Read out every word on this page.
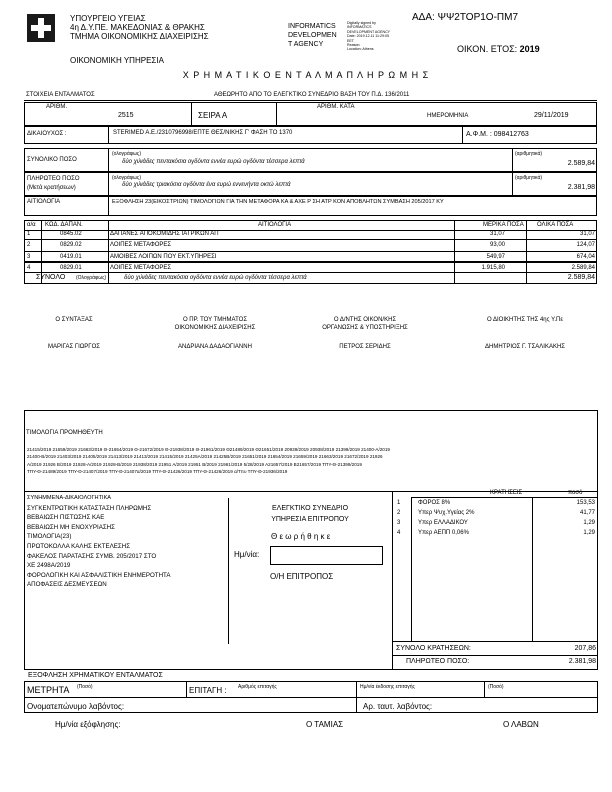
ΥΠΟΥΡΓΕΙΟ ΥΓΕΙΑΣ
4η Δ.Υ.ΠΕ. ΜΑΚΕΔΟΝΙΑΣ & ΘΡΑΚΗΣ
ΤΜΗΜΑ ΟΙΚΟΝΟΜΙΚΗΣ ΔΙΑΧΕΙΡΙΣΗΣ
ΟΙΚΟΝΟΜΙΚΗ ΥΠΗΡΕΣΙΑ
INFORMATICS
DEVELOPMEN
T AGENCY
Digitally signed by
INFORMATICS
DEVELOPMENT AGENCY
Date: 2019.12.11 11:29:05
EET
Reason:
Location: Athens
ΑΔΑ: ΨΨ2ΤΟΡ1Ο-ΠΜ7
ΟΙΚΟΝ. ΕΤΟΣ: 2019
Χ Ρ Η Μ Α Τ Ι Κ Ο Ε Ν Τ Α Λ Μ Α Π Λ Η Ρ Ω Μ Η Σ
ΣΤΟΙΧΕΙΑ ΕΝΤΑΛΜΑΤΟΣ	ΑΘΕΩΡΗΤΟ ΑΠΟ ΤΟ ΕΛΕΓΚΤΙΚΟ ΣΥΝΕΔΡΙΟ ΒΑΣΗ ΤΟΥ Π.Δ. 136/2011
ΑΡΙΘΜ.
2515	ΣΕΙΡΑ Α
ΑΡΙΘΜ. ΚΑΤΑ
ΗΜΕΡΟΜΗΝΙΑ	29/11/2019
ΔΙΚΑΙΟΥΧΟΣ :	STERIMED A.E./2310796998/ΕΠΤΕ ΘΕΣ/ΝΙΚΗΣ Γ' ΦΑΣΗ ΤΟ 1370	Α.Φ.Μ. : 098412763
ΣΥΝΟΛΙΚΟ ΠΟΣΟ
(ολογράφως)
δύο χιλιάδες πεντακόσια ογδόντα εννέα ευρώ ογδόντα τέσσερα λεπτά
(αριθμητικά)
2.589,84
ΠΛΗΡΩΤΕΟ ΠΟΣΟ
(Μετά κρατήσεων)
(ολογράφως)
δύο χιλιάδες τριακόσια ογδόντα ένα ευρώ εννενήντα οκτώ λεπτά
(αριθμητικά)
2.381,98
ΑΙΤΙΟΛΟΓΙΑ	ΕΞΟΦΛΗΣΗ 23(ΕΙΚΟΣΤΡΙΩΝ) ΤΙΜΟΛΟΓΙΩΝ ΓΙΑ ΤΗΝ ΜΕΤΑΦΟΡΑ ΚΑ & ΑΧΕ Ρ ΣΗ ΑΤΡ ΚΟΝ ΑΠΟΒΛΗΤΩΝ ΣΥΜΒΑΣΗ 205/2017 ΚΥ
α/α ΚΩΔ. ΔΑΠΑΝ.	ΑΙΤΙΟΛΟΓΙΑ	ΜΕΡΙΚΑ ΠΟΣΑ ΟΛΙΚΑ ΠΟΣΑ
1	0845.02	ΔΑΠΑΝΕΣ ΑΠΟΚΟΜΙΔΗΣ ΙΑΤΡΙΚΩΝ ΑΠ	31,07	31,07
2	0829.02	ΛΟΙΠΕΣ ΜΕΤΑΦΟΡΕΣ	93,00	124,07
3	0419.01	ΑΜΟΙΒΕΣ ΛΟΙΠΩΝ ΠΟΥ ΕΚΤ.ΥΠΗΡΕΣΙ	549,97	674,04
4	0829.01	ΛΟΙΠΕΣ ΜΕΤΑΦΟΡΕΣ	1.915,80	2.589,84
ΣΥΝΟΛΟ (Ολογράφως)	δύο χιλιάδες πεντακόσια ογδόντα εννέα ευρώ ογδόντα τέσσερα λεπτά	2.589,84
Ο ΣΥΝΤΑΞΑΣ	Ο ΠΡ. ΤΟΥ ΤΜΗΜΑΤΟΣ
ΟΙΚΟΝΟΜΙΚΗΣ ΔΙΑΧΕΙΡΙΣΗΣ
Ο Δ/ΝΤΗΣ ΟΙΚΟΝ/ΚΗΣ
ΟΡΓΑΝΩΣΗΣ & ΥΠΟΣΤΗΡΙΞΗΣ
Ο ΔΙΟΙΚΗΤΗΣ ΤΗΣ 4ης Υ.Πε
ΜΑΡΙΓΑΣ ΓΙΩΡΓΟΣ	ΑΝΔΡΙΑΝΑ ΔΑΔΑΟΓΙΑΝΝΗ	ΠΕΤΡΟΣ ΣΕΡΙΔΗΣ	ΔΗΜΗΤΡΙΟΣ Γ. ΤΣΑΛΙΚΑΚΗΣ
ΤΙΜΟΛΟΓΙΑ ΠΡΟΜΗΘΕΥΤΗ
21415/2019 21659/2019 21663/2019 Θ-21654/2019 Θ-21672/2019 Θ-21938/2019 Θ-21961/2019 Θ21489/2019 Θ21651/2019 20939/2019 20938/2019 21399/2019 21400-Α/2019
21400-Β/2019 21403/2019 21405/2019 21413/2019 21413/2019 21415/2019 21425Α/2019 21425Β/2019 21651/2019 21654/2019 21659/2019 21663/2019 21672/2019 21926
Α/2019 21926 Β/2019 21928-Α/2019 21928-Β/2019 21938/2019 21951 Α/2019 21951 Β/2019 21961/2019 5/28/2019 Α21657/2019 Β21657/2019 ΤΠΥ-Θ-21399/2019
ΤΠΥ-Θ-21489/2019 ΤΠΥ-Θ-21407/2019 ΤΠΥ-Θ-21407α/2019 ΤΠΥ-Θ-21426/2019 ΤΠΥ-Θ-21426/2019 α/Τπυ ΤΠΥ-Θ-21936/2019
ΣΥΝΗΜΜΕΝΑ-ΔΙΚΑΙΟΛΟΓΗΤΙΚΑ
ΣΥΓΚΕΝΤΡΩΤΙΚΗ ΚΑΤΑΣΤΑΣΗ ΠΛΗΡΩΜΗΣ
ΒΕΒΑΙΩΣΗ ΠΙΣΤΩΣΗΣ ΚΑΕ
ΒΕΒΑΙΩΣΗ ΜΗ ΕΝΟΧΥΡΙΑΣΗΣ
ΤΙΜΟΛΟΓΙΑ(23)
ΠΡΩΤΟΚΟΛΛΑ ΚΑΛΗΣ ΕΚΤΕΛΕΣΗΣ
ΦΑΚΕΛΟΣ ΠΑΡΑΤΑΣΗΣ ΣΥΜΒ. 205/2017 ΣΤΟ
ΧΕ 2498Α/2019
ΦΟΡΟΛΟΓΙΚΗ ΚΑΙ ΑΣΦΑΛΙΣΤΙΚΗ ΕΝΗΜΕΡΟΤΗΤΑ
ΑΠΟΦΑΣΕΙΣ ΔΕΣΜΕΥΣΕΩΝ
ΕΛΕΓΚΤΙΚΟ ΣΥΝΕΔΡΙΟ
ΥΠΗΡΕΣΙΑ ΕΠΙΤΡΟΠΟΥ
Θ ε ω ρ ή θ η κ ε
Ημ/νία:
Ο/Η ΕΠΙΤΡΟΠΟΣ
ΚΡΑΤΗΣΕΙΣ	ποσό
1	ΦΟΡΟΣ 8%	153,53
2	Υπερ Ψυχ.Υγείας 2%	41,77
3	Υπερ ΕΛΛΑΔΙΚΟΥ	1,29
4	Υπερ ΑΕΠΠ 0,06%	1,29
ΣΥΝΟΛΟ ΚΡΑΤΗΣΕΩΝ:	207,86
ΠΛΗΡΩΤΕΟ ΠΟΣΟ:	2.381,98
ΕΞΟΦΛΗΣΗ ΧΡΗΜΑΤΙΚΟΥ ΕΝΤΑΛΜΑΤΟΣ
ΜΕΤΡΗΤΑ (Ποσό)	ΕΠΙΤΑΓΗ : Αριθμός επιταγής	Ημ/νία έκδοσης επιταγής	(Ποσό)
Ονοματεπώνυμο λαβόντος:	Αρ. ταυτ. λαβόντος:
Ημ/νία εξόφλησης:	Ο ΤΑΜΙΑΣ	Ο ΛΑΒΩΝ
